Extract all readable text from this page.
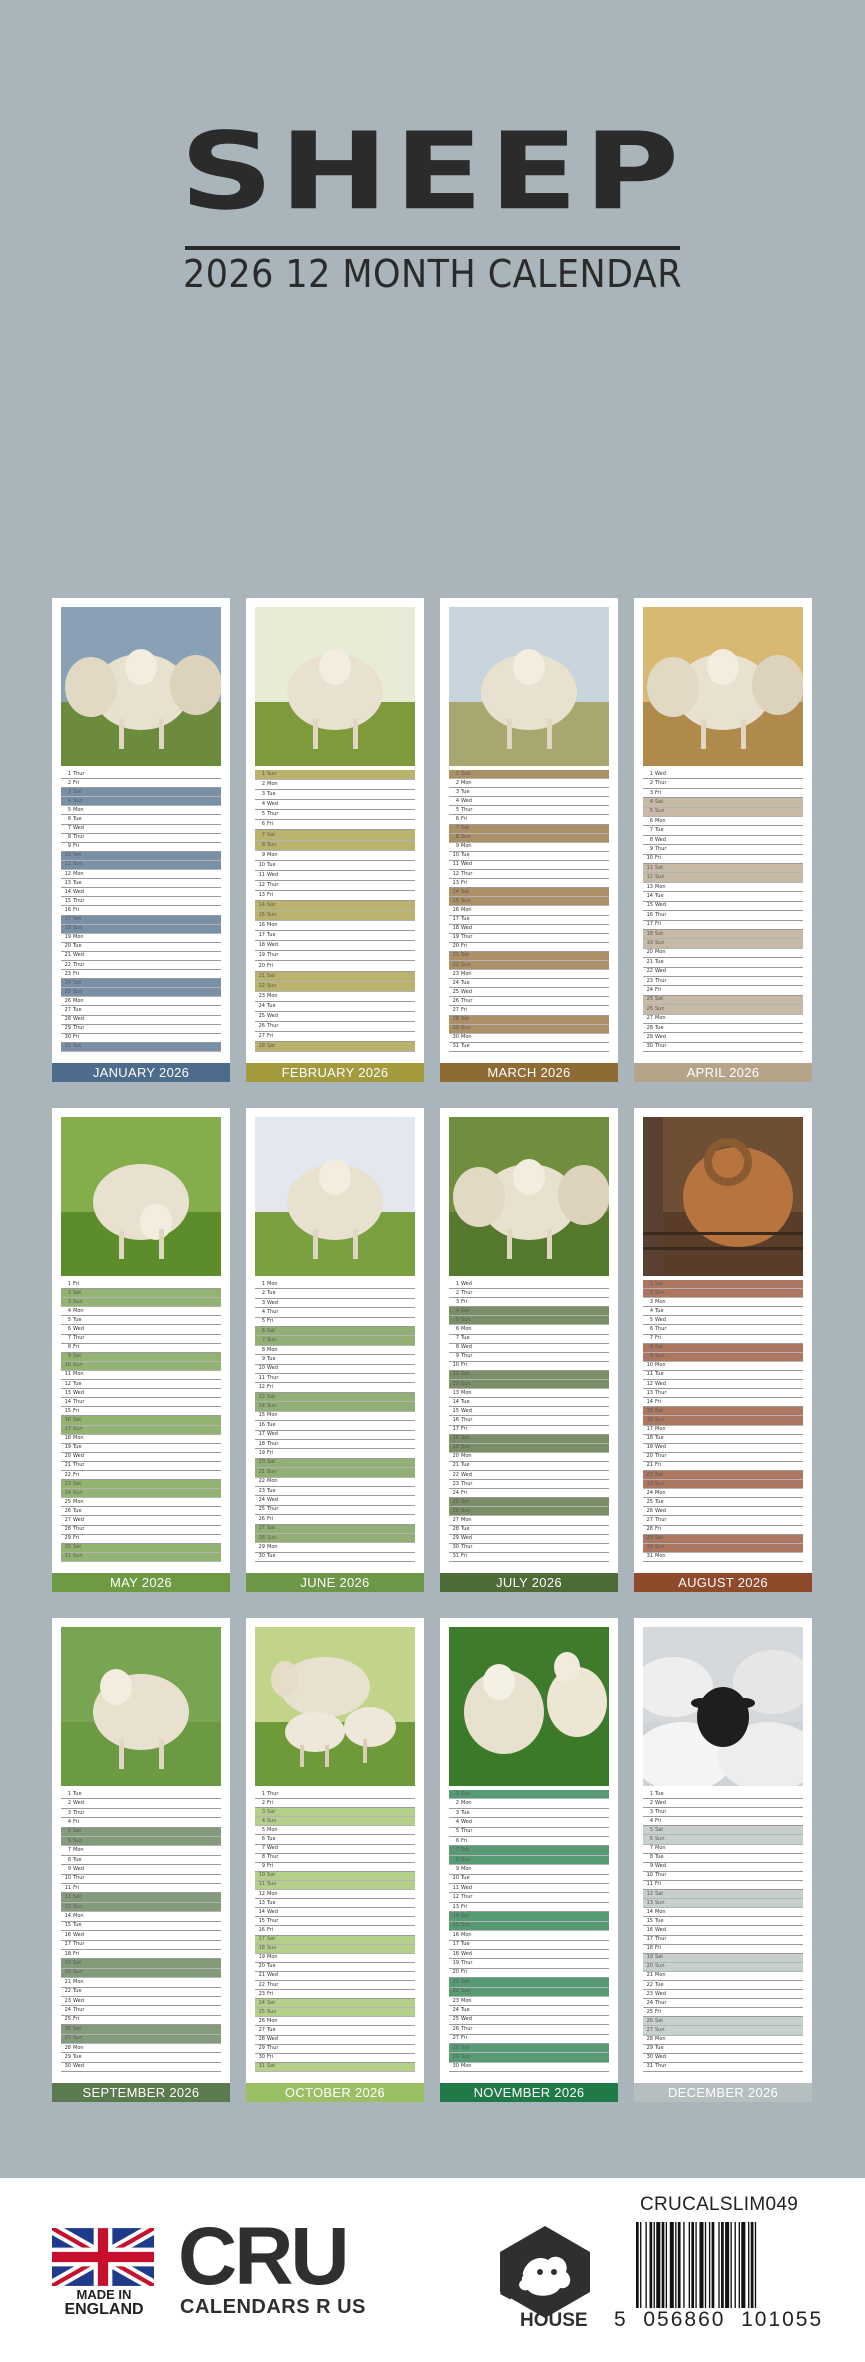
SHEEP
2026 12 MONTH CALENDAR
1 Thur
2 Fri
3 Sat
4 Sun
5 Mon
6 Tue
7 Wed
8 Thur
9 Fri
10 Sat
11 Sun
12 Mon
13 Tue
14 Wed
15 Thur
16 Fri
17 Sat
18 Sun
19 Mon
20 Tue
21 Wed
22 Thur
23 Fri
24 Sat
25 Sun
26 Mon
27 Tue
28 Wed
29 Thur
30 Fri
31 Sat
JANUARY 2026
1 Sun
2 Mon
3 Tue
4 Wed
5 Thur
6 Fri
7 Sat
8 Sun
9 Mon
10 Tue
11 Wed
12 Thur
13 Fri
14 Sat
15 Sun
16 Mon
17 Tue
18 Wed
19 Thur
20 Fri
21 Sat
22 Sun
23 Mon
24 Tue
25 Wed
26 Thur
27 Fri
28 Sat
FEBRUARY 2026
1 Sun
2 Mon
3 Tue
4 Wed
5 Thur
6 Fri
7 Sat
8 Sun
9 Mon
10 Tue
11 Wed
12 Thur
13 Fri
14 Sat
15 Sun
16 Mon
17 Tue
18 Wed
19 Thur
20 Fri
21 Sat
22 Sun
23 Mon
24 Tue
25 Wed
26 Thur
27 Fri
28 Sat
29 Sun
30 Mon
31 Tue
MARCH 2026
1 Wed
2 Thur
3 Fri
4 Sat
5 Sun
6 Mon
7 Tue
8 Wed
9 Thur
10 Fri
11 Sat
12 Sun
13 Mon
14 Tue
15 Wed
16 Thur
17 Fri
18 Sat
19 Sun
20 Mon
21 Tue
22 Wed
23 Thur
24 Fri
25 Sat
26 Sun
27 Mon
28 Tue
29 Wed
30 Thur
APRIL 2026
1 Fri
2 Sat
3 Sun
4 Mon
5 Tue
6 Wed
7 Thur
8 Fri
9 Sat
10 Sun
11 Mon
12 Tue
13 Wed
14 Thur
15 Fri
16 Sat
17 Sun
18 Mon
19 Tue
20 Wed
21 Thur
22 Fri
23 Sat
24 Sun
25 Mon
26 Tue
27 Wed
28 Thur
29 Fri
30 Sat
31 Sun
MAY 2026
1 Mon
2 Tue
3 Wed
4 Thur
5 Fri
6 Sat
7 Sun
8 Mon
9 Tue
10 Wed
11 Thur
12 Fri
13 Sat
14 Sun
15 Mon
16 Tue
17 Wed
18 Thur
19 Fri
20 Sat
21 Sun
22 Mon
23 Tue
24 Wed
25 Thur
26 Fri
27 Sat
28 Sun
29 Mon
30 Tue
JUNE 2026
1 Wed
2 Thur
3 Fri
4 Sat
5 Sun
6 Mon
7 Tue
8 Wed
9 Thur
10 Fri
11 Sat
12 Sun
13 Mon
14 Tue
15 Wed
16 Thur
17 Fri
18 Sat
19 Sun
20 Mon
21 Tue
22 Wed
23 Thur
24 Fri
25 Sat
26 Sun
27 Mon
28 Tue
29 Wed
30 Thur
31 Fri
JULY 2026
1 Sat
2 Sun
3 Mon
4 Tue
5 Wed
6 Thur
7 Fri
8 Sat
9 Sun
10 Mon
11 Tue
12 Wed
13 Thur
14 Fri
15 Sat
16 Sun
17 Mon
18 Tue
19 Wed
20 Thur
21 Fri
22 Sat
23 Sun
24 Mon
25 Tue
26 Wed
27 Thur
28 Fri
29 Sat
30 Sun
31 Mon
AUGUST 2026
1 Tue
2 Wed
3 Thur
4 Fri
5 Sat
6 Sun
7 Mon
8 Tue
9 Wed
10 Thur
11 Fri
12 Sat
13 Sun
14 Mon
15 Tue
16 Wed
17 Thur
18 Fri
19 Sat
20 Sun
21 Mon
22 Tue
23 Wed
24 Thur
25 Fri
26 Sat
27 Sun
28 Mon
29 Tue
30 Wed
SEPTEMBER 2026
1 Thur
2 Fri
3 Sat
4 Sun
5 Mon
6 Tue
7 Wed
8 Thur
9 Fri
10 Sat
11 Sun
12 Mon
13 Tue
14 Wed
15 Thur
16 Fri
17 Sat
18 Sun
19 Mon
20 Tue
21 Wed
22 Thur
23 Fri
24 Sat
25 Sun
26 Mon
27 Tue
28 Wed
29 Thur
30 Fri
31 Sat
OCTOBER 2026
1 Sun
2 Mon
3 Tue
4 Wed
5 Thur
6 Fri
7 Sat
8 Sun
9 Mon
10 Tue
11 Wed
12 Thur
13 Fri
14 Sat
15 Sun
16 Mon
17 Tue
18 Wed
19 Thur
20 Fri
21 Sat
22 Sun
23 Mon
24 Tue
25 Wed
26 Thur
27 Fri
28 Sat
29 Sun
30 Mon
NOVEMBER 2026
1 Tue
2 Wed
3 Thur
4 Fri
5 Sat
6 Sun
7 Mon
8 Tue
9 Wed
10 Thur
11 Fri
12 Sat
13 Sun
14 Mon
15 Tue
16 Wed
17 Thur
18 Fri
19 Sat
20 Sun
21 Mon
22 Tue
23 Wed
24 Thur
25 Fri
26 Sat
27 Sun
28 Mon
29 Tue
30 Wed
31 Thur
DECEMBER 2026
MADE IN
ENGLAND
CRU
CALENDARS R US
PET
HOUSE
CRUCALSLIM049
5  056860  101055
